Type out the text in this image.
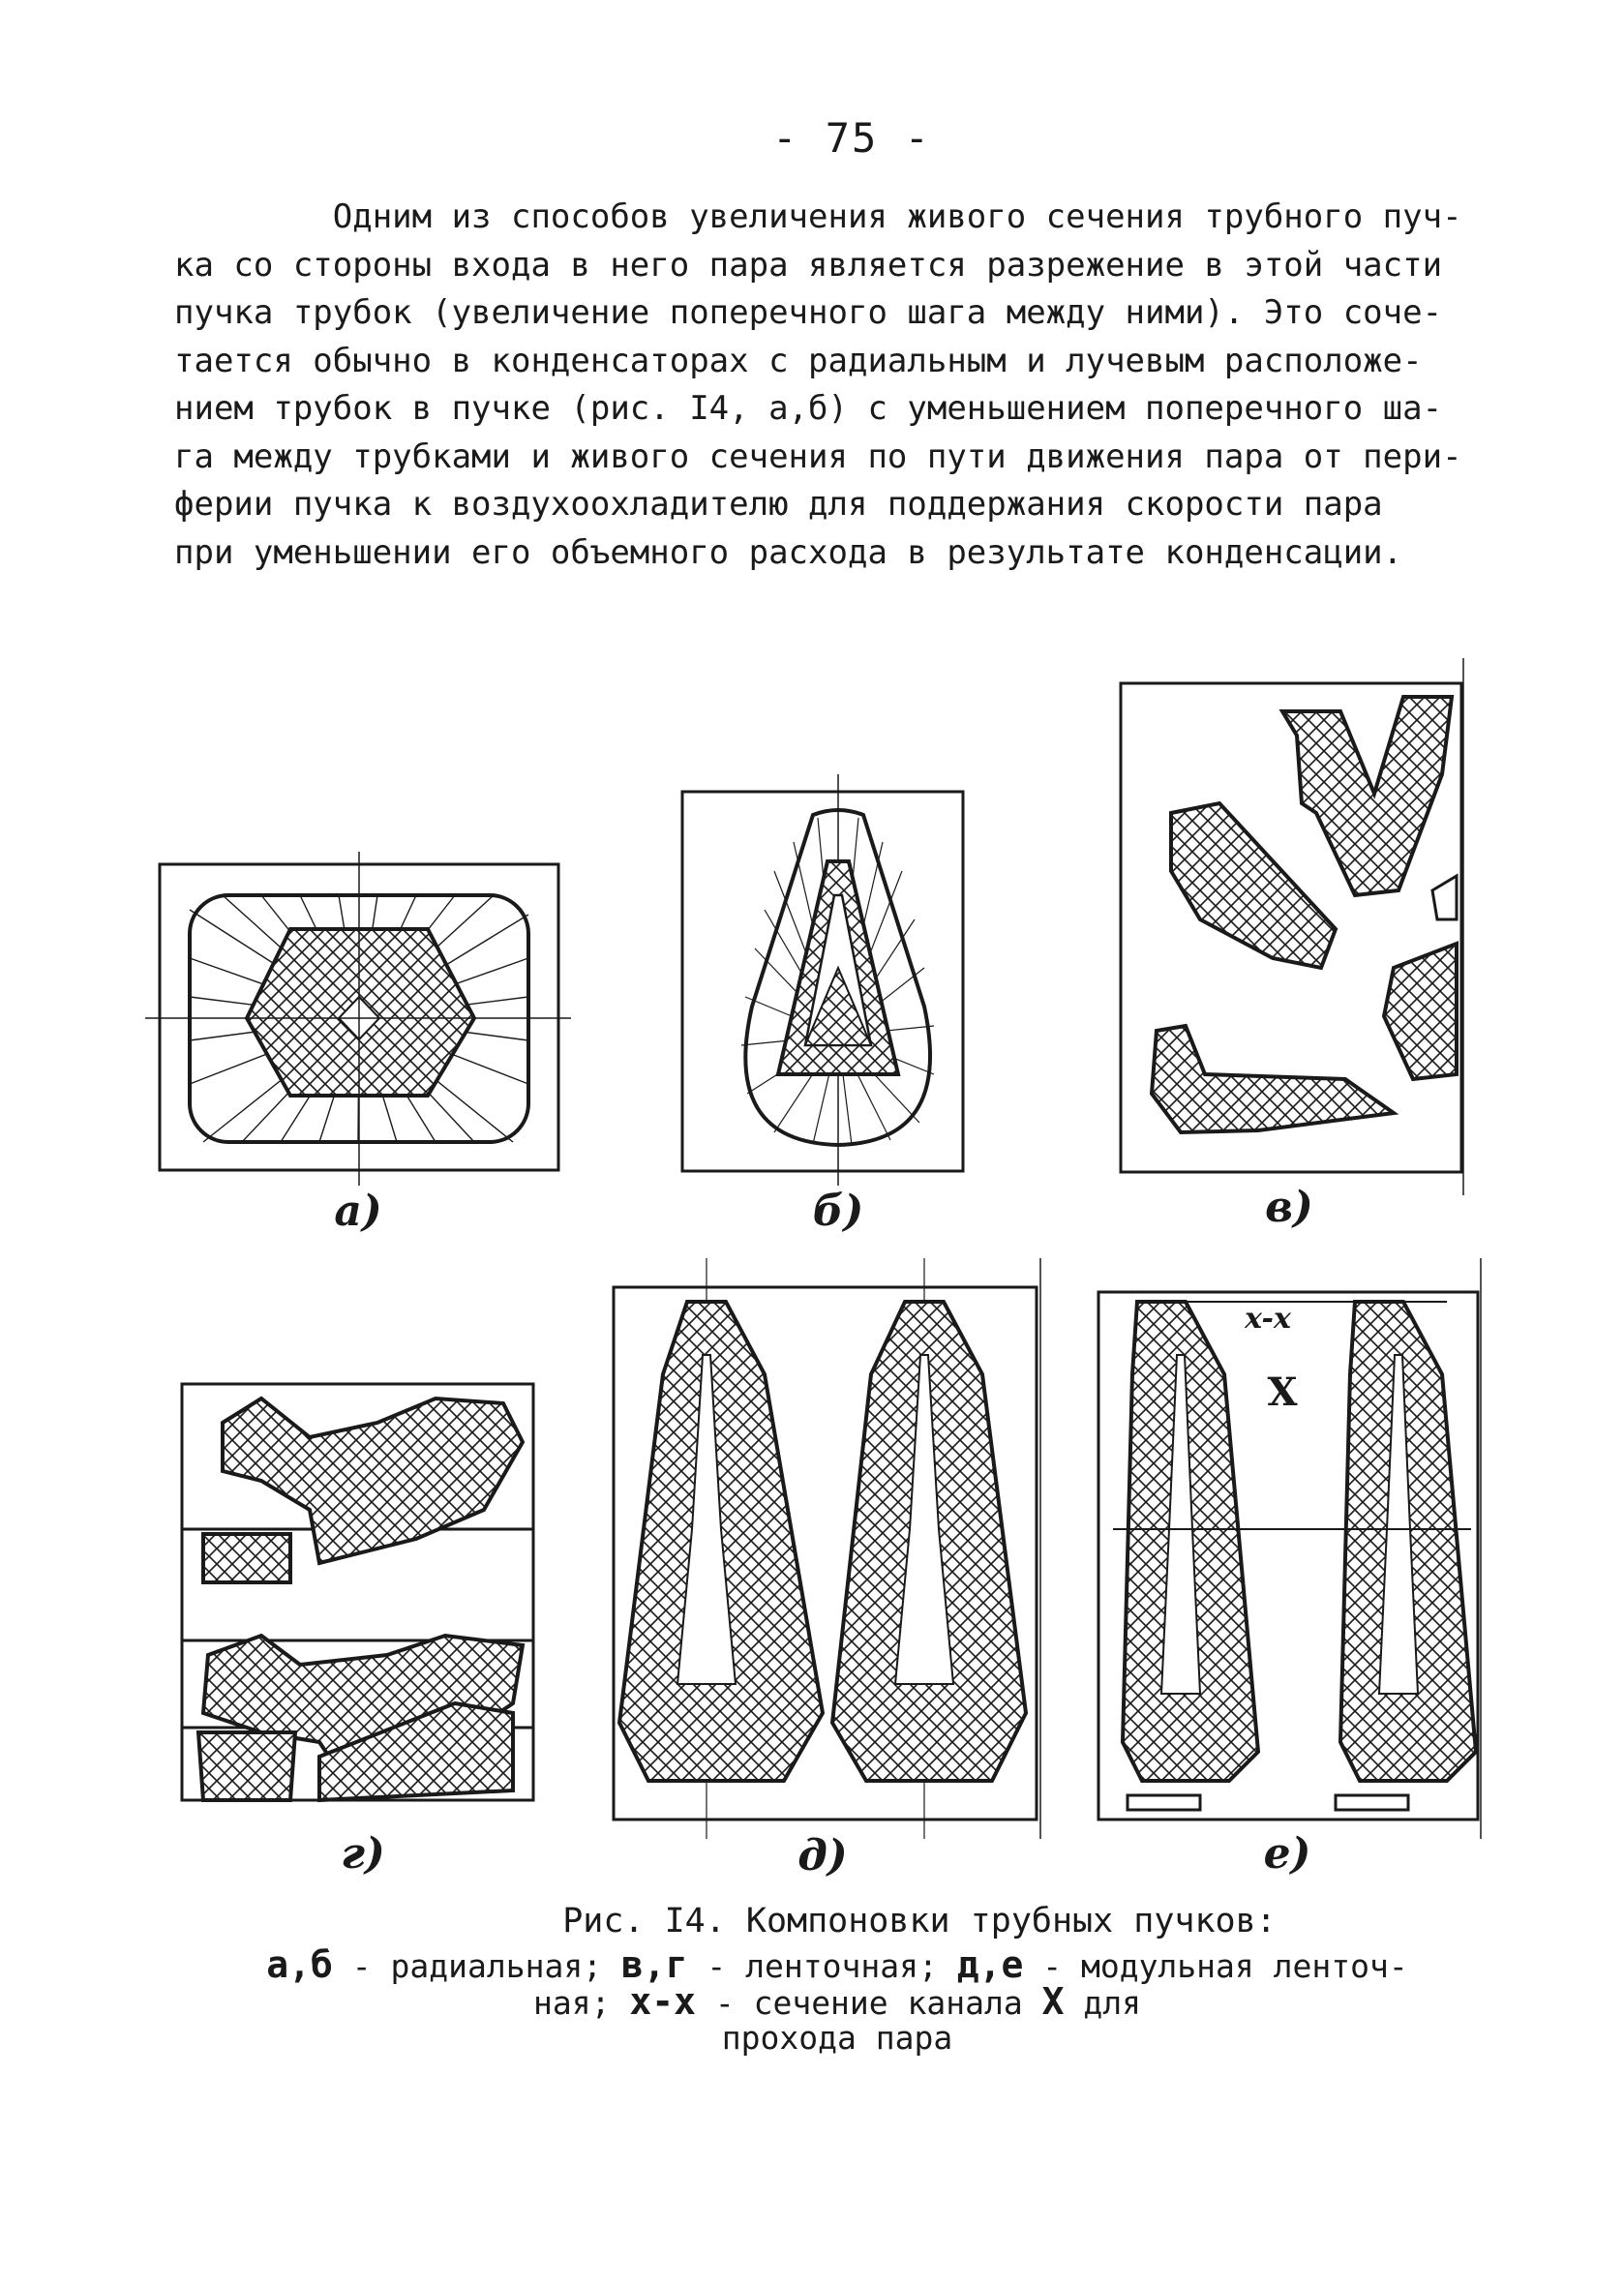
- 75 -
Одним из способов увеличения живого сечения трубного пуч-
ка со стороны входа в него пара является разрежение в этой части
пучка трубок (увеличение поперечного шага между ними). Это соче-
тается обычно в конденсаторах с радиальным и лучевым расположе-
нием трубок в пучке (рис. I4, а,б) с уменьшением поперечного ша-
га между трубками и живого сечения по пути движения пара от пери-
ферии пучка к воздухоохладителю для поддержания скорости пара
при уменьшении его объемного расхода в результате конденсации.
а)	б)	в)
г)	д)	е)
x-x
X
Рис. I4. Компоновки трубных пучков:
а,б - радиальная; в,г - ленточная; д,е - модульная ленточ-
ная; x-x - сечение канала X для
прохода пара
